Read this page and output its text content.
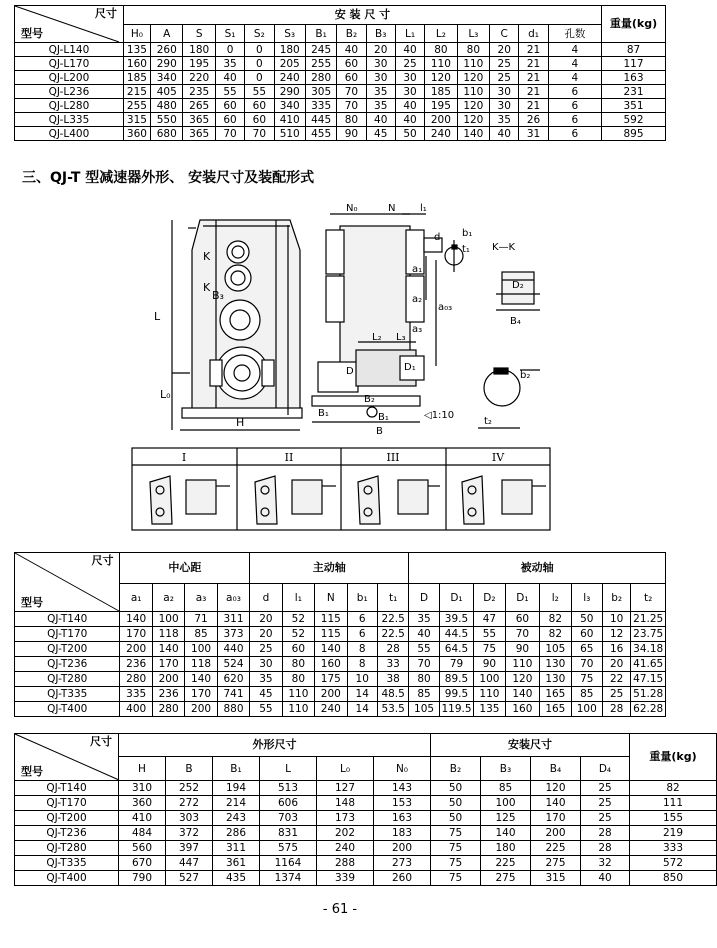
尺寸
型号	安 装 尺 寸															重量(kg)
	H₀	A	S	S₁	S₂	S₃	B₁	B₂	B₃	L₁	L₂	L₃	C	d₁	孔数	
QJ-L140	135	260	180	0	0	180	245	40	20	40	80	80	20	21	4	87
QJ-L170	160	290	195	35	0	205	255	60	30	25	110	110	25	21	4	117
QJ-L200	185	340	220	40	0	240	280	60	30	30	120	120	25	21	4	163
QJ-L236	215	405	235	55	55	290	305	70	35	30	185	110	30	21	6	231
QJ-L280	255	480	265	60	60	340	335	70	35	40	195	120	30	21	6	351
QJ-L335	315	550	365	60	60	410	445	80	40	40	200	120	35	26	6	592
QJ-L400	360	680	365	70	70	510	455	90	45	50	240	140	40	31	6	895
三、QJ-T 型减速器外形、 安装尺寸及装配形式
L
L₀
H
K
K
B₃
N₀	N l₁
d b₁
t₁
a₁
a₂
a₃
a₀₃
L₂ L₃
D	D₁
B₁	B₁
B₂
B
◁1:10
K—K
D₂
B₄
b₂
t₂
I	II	III	IV
尺寸
型号	中心距				主动轴					被动轴							
	a₁	a₂	a₃	a₀₃	d	l₁	N	b₁	t₁	D	D₁	D₂	D₁	l₂	l₃	b₂	t₂
QJ-T140	140	100	71	311	20	52	115	6	22.5	35	39.5	47	60	82	50	10	21.25
QJ-T170	170	118	85	373	20	52	115	6	22.5	40	44.5	55	70	82	60	12	23.75
QJ-T200	200	140	100	440	25	60	140	8	28	55	64.5	75	90	105	65	16	34.18
QJ-T236	236	170	118	524	30	80	160	8	33	70	79	90	110	130	70	20	41.65
QJ-T280	280	200	140	620	35	80	175	10	38	80	89.5	100	120	130	75	22	47.15
QJ-T335	335	236	170	741	45	110	200	14	48.5	85	99.5	110	140	165	85	25	51.28
QJ-T400	400	280	200	880	55	110	240	14	53.5	105	119.5	135	160	165	100	28	62.28
尺寸
型号	外形尺寸						安装尺寸				重量(kg)
	H	B	B₁	L	L₀	N₀	B₂	B₃	B₄	D₄	
QJ-T140	310	252	194	513	127	143	50	85	120	25	82
QJ-T170	360	272	214	606	148	153	50	100	140	25	111
QJ-T200	410	303	243	703	173	163	50	125	170	25	155
QJ-T236	484	372	286	831	202	183	75	140	200	28	219
QJ-T280	560	397	311	575	240	200	75	180	225	28	333
QJ-T335	670	447	361	1164	288	273	75	225	275	32	572
QJ-T400	790	527	435	1374	339	260	75	275	315	40	850
- 61 -
